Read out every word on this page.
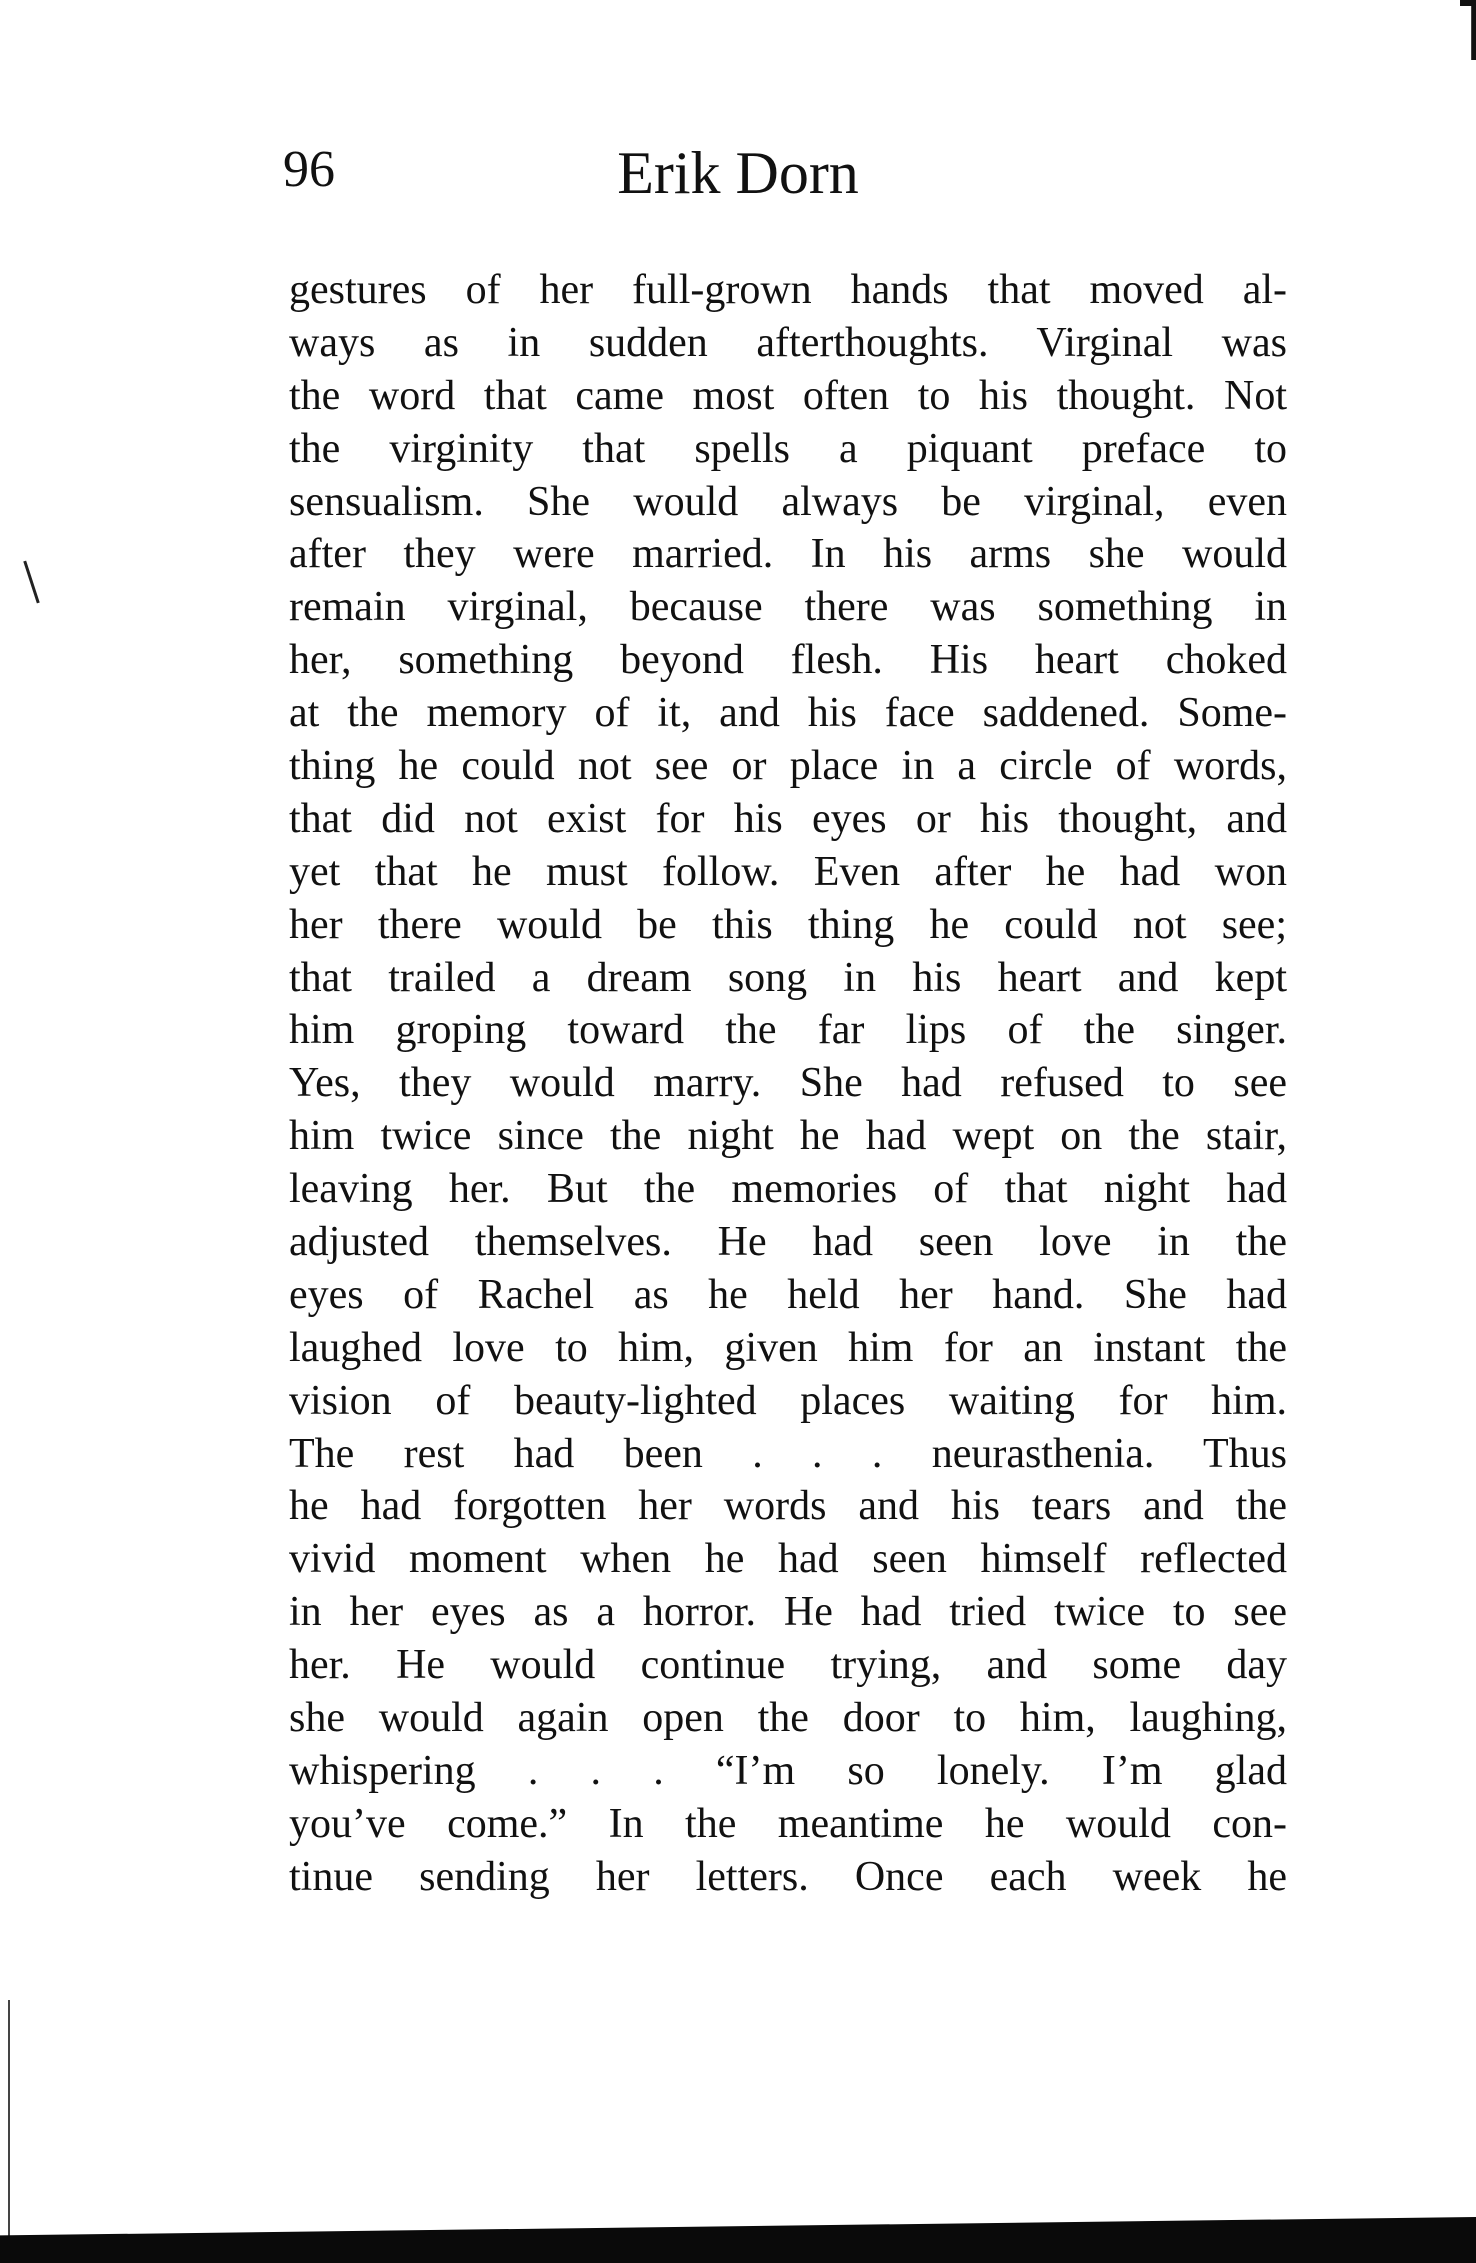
96	Erik Dorn
gestures of her full-grown hands that moved al-
ways as in sudden afterthoughts. Virginal was
the word that came most often to his thought. Not
the virginity that spells a piquant preface to
sensualism. She would always be virginal, even
after they were married. In his arms she would
remain virginal, because there was something in
her, something beyond flesh. His heart choked
at the memory of it, and his face saddened. Some-
thing he could not see or place in a circle of words,
that did not exist for his eyes or his thought, and
yet that he must follow. Even after he had won
her there would be this thing he could not see;
that trailed a dream song in his heart and kept
him groping toward the far lips of the singer.
Yes, they would marry. She had refused to see
him twice since the night he had wept on the stair,
leaving her. But the memories of that night had
adjusted themselves. He had seen love in the
eyes of Rachel as he held her hand. She had
laughed love to him, given him for an instant the
vision of beauty-lighted places waiting for him.
The rest had been . . . neurasthenia. Thus
he had forgotten her words and his tears and the
vivid moment when he had seen himself reflected
in her eyes as a horror. He had tried twice to see
her. He would continue trying, and some day
she would again open the door to him, laughing,
whispering . . . “I’m so lonely. I’m glad
you’ve come.” In the meantime he would con-
tinue sending her letters. Once each week he
